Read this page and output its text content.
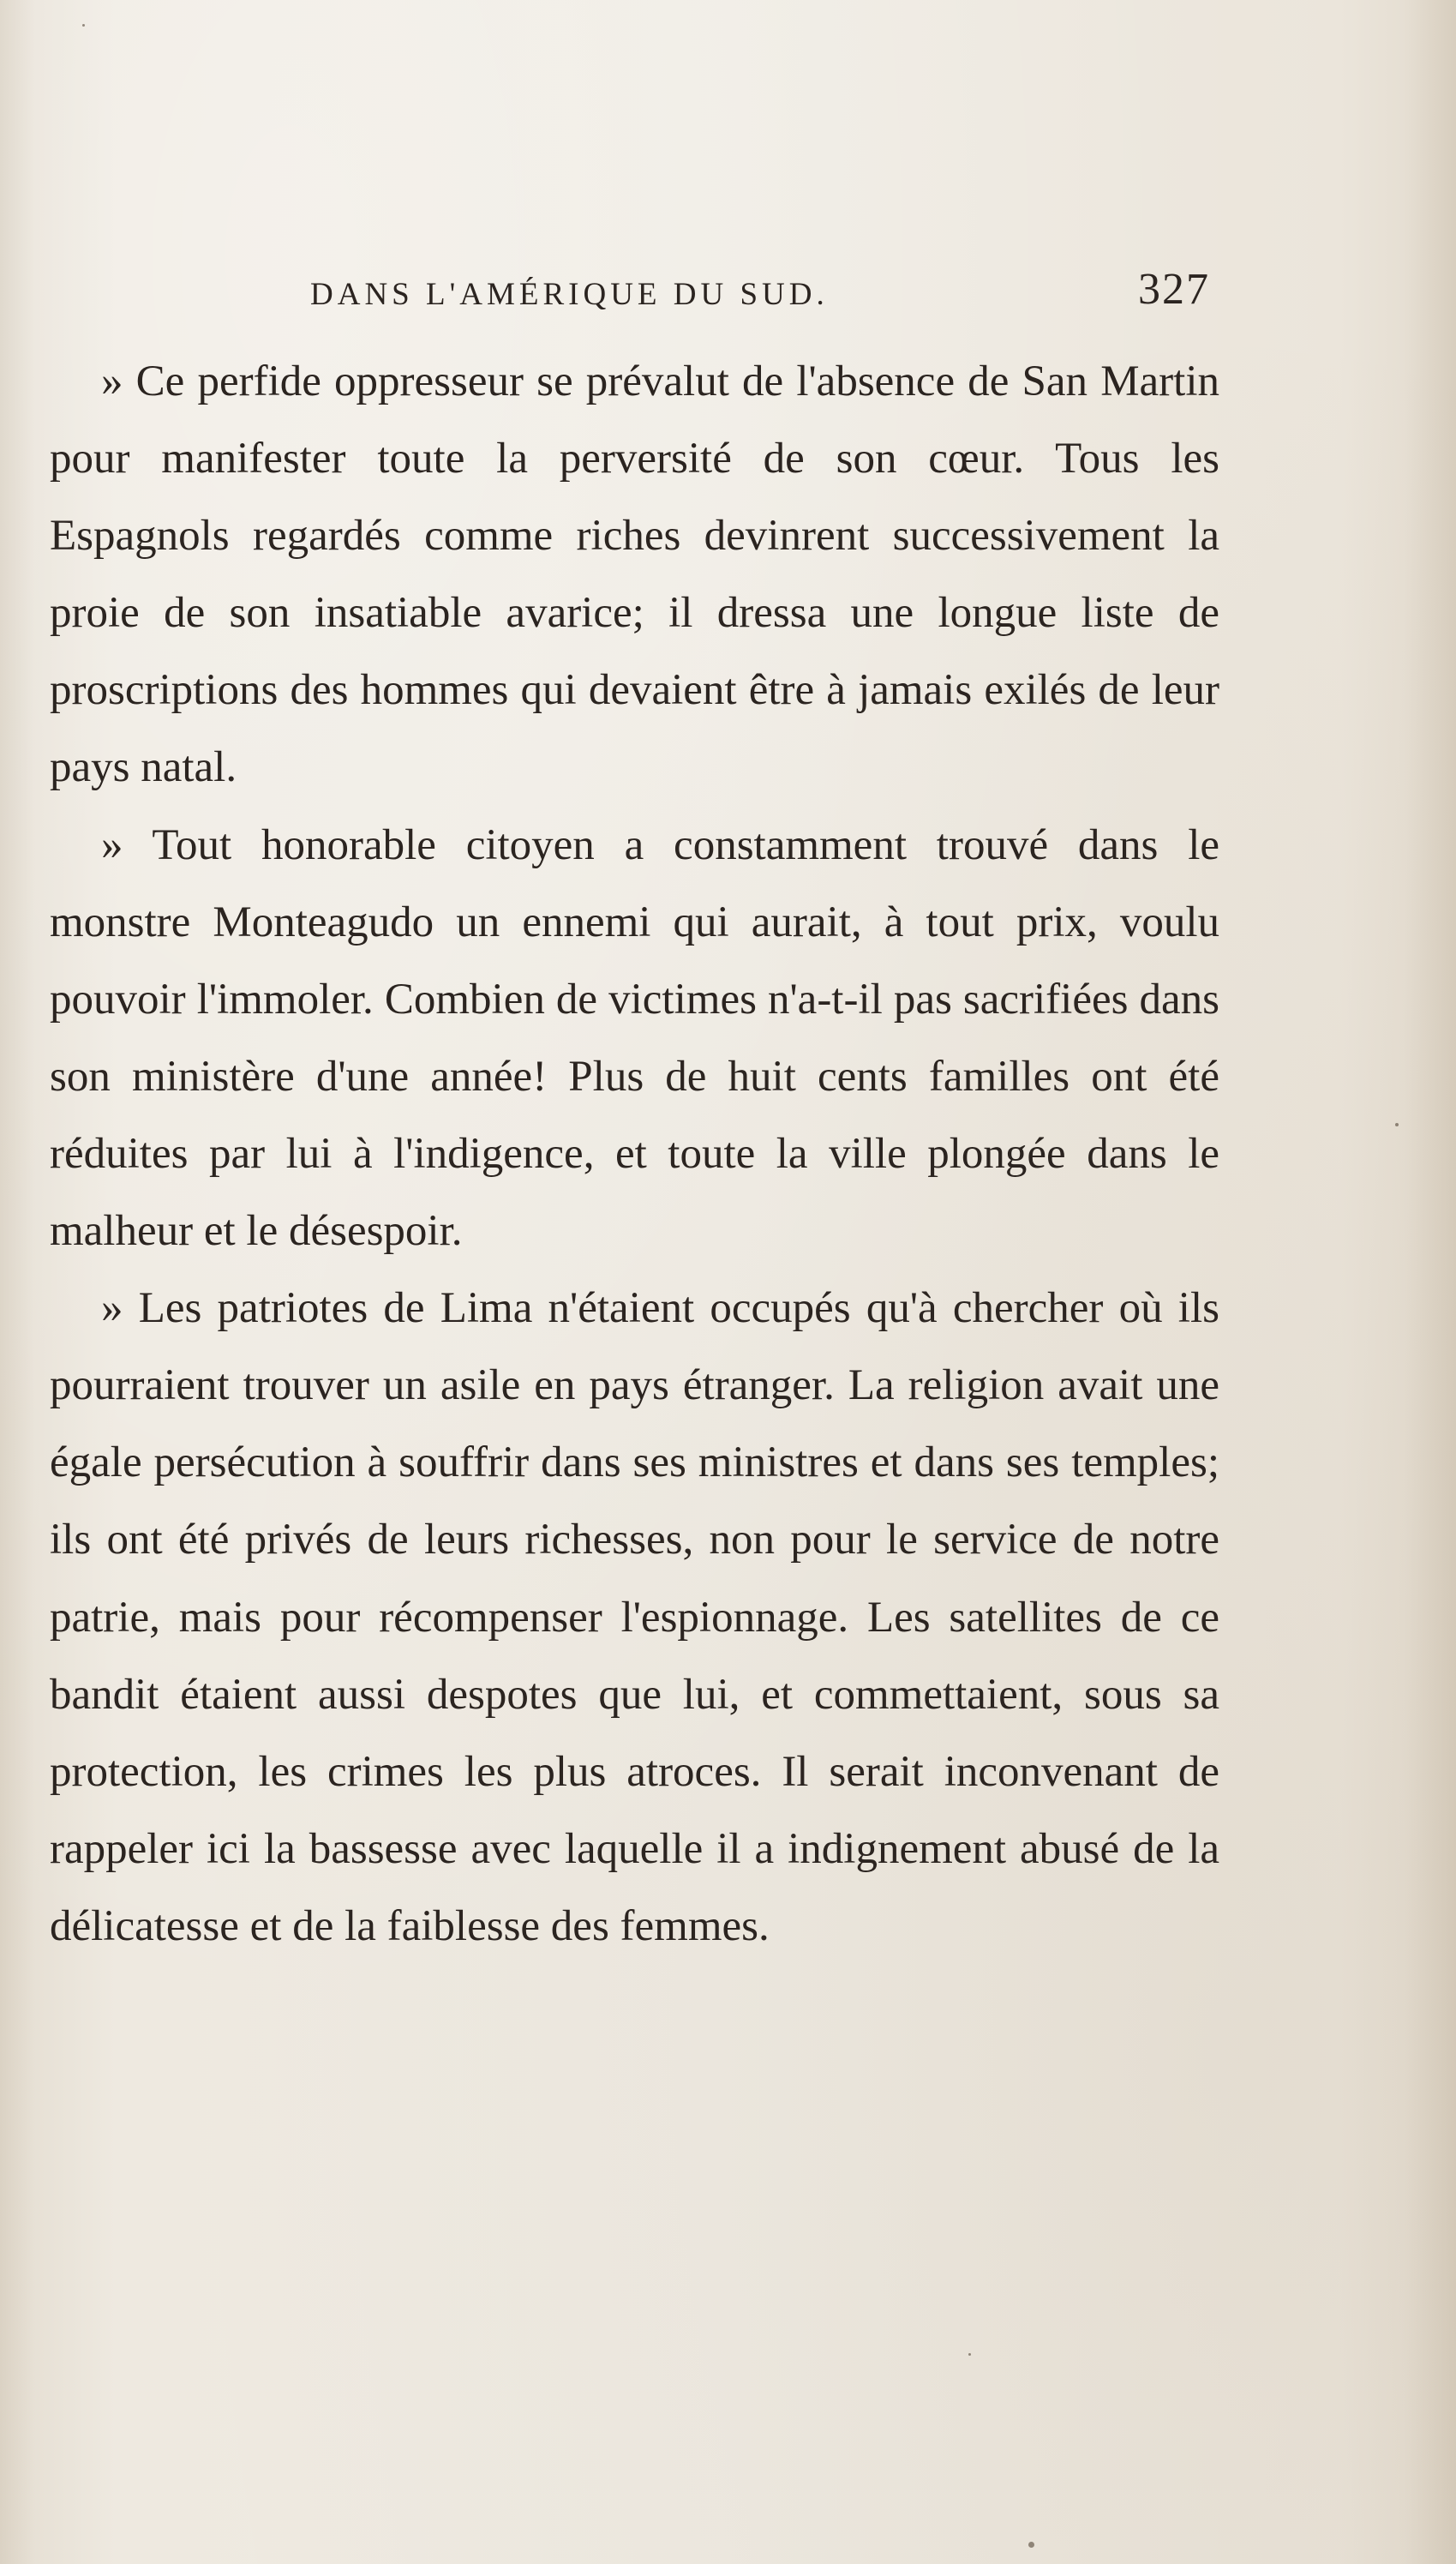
DANS L'AMÉRIQUE DU SUD.	327

» Ce perfide oppresseur se prévalut de l'absence de San Martin pour manifester toute la perversité de son cœur. Tous les Espagnols regardés comme riches devinrent successivement la proie de son insatiable avarice; il dressa une longue liste de proscriptions des hommes qui devaient être à jamais exilés de leur pays natal.

» Tout honorable citoyen a constamment trouvé dans le monstre Monteagudo un ennemi qui aurait, à tout prix, voulu pouvoir l'immoler. Combien de victimes n'a-t-il pas sacrifiées dans son ministère d'une année! Plus de huit cents familles ont été réduites par lui à l'indigence, et toute la ville plongée dans le malheur et le désespoir.

» Les patriotes de Lima n'étaient occupés qu'à chercher où ils pourraient trouver un asile en pays étranger. La religion avait une égale persécution à souffrir dans ses ministres et dans ses temples; ils ont été privés de leurs richesses, non pour le service de notre patrie, mais pour récompenser l'espionnage. Les satellites de ce bandit étaient aussi despotes que lui, et commettaient, sous sa protection, les crimes les plus atroces. Il serait inconvenant de rappeler ici la bassesse avec laquelle il a indignement abusé de la délicatesse et de la faiblesse des femmes.
